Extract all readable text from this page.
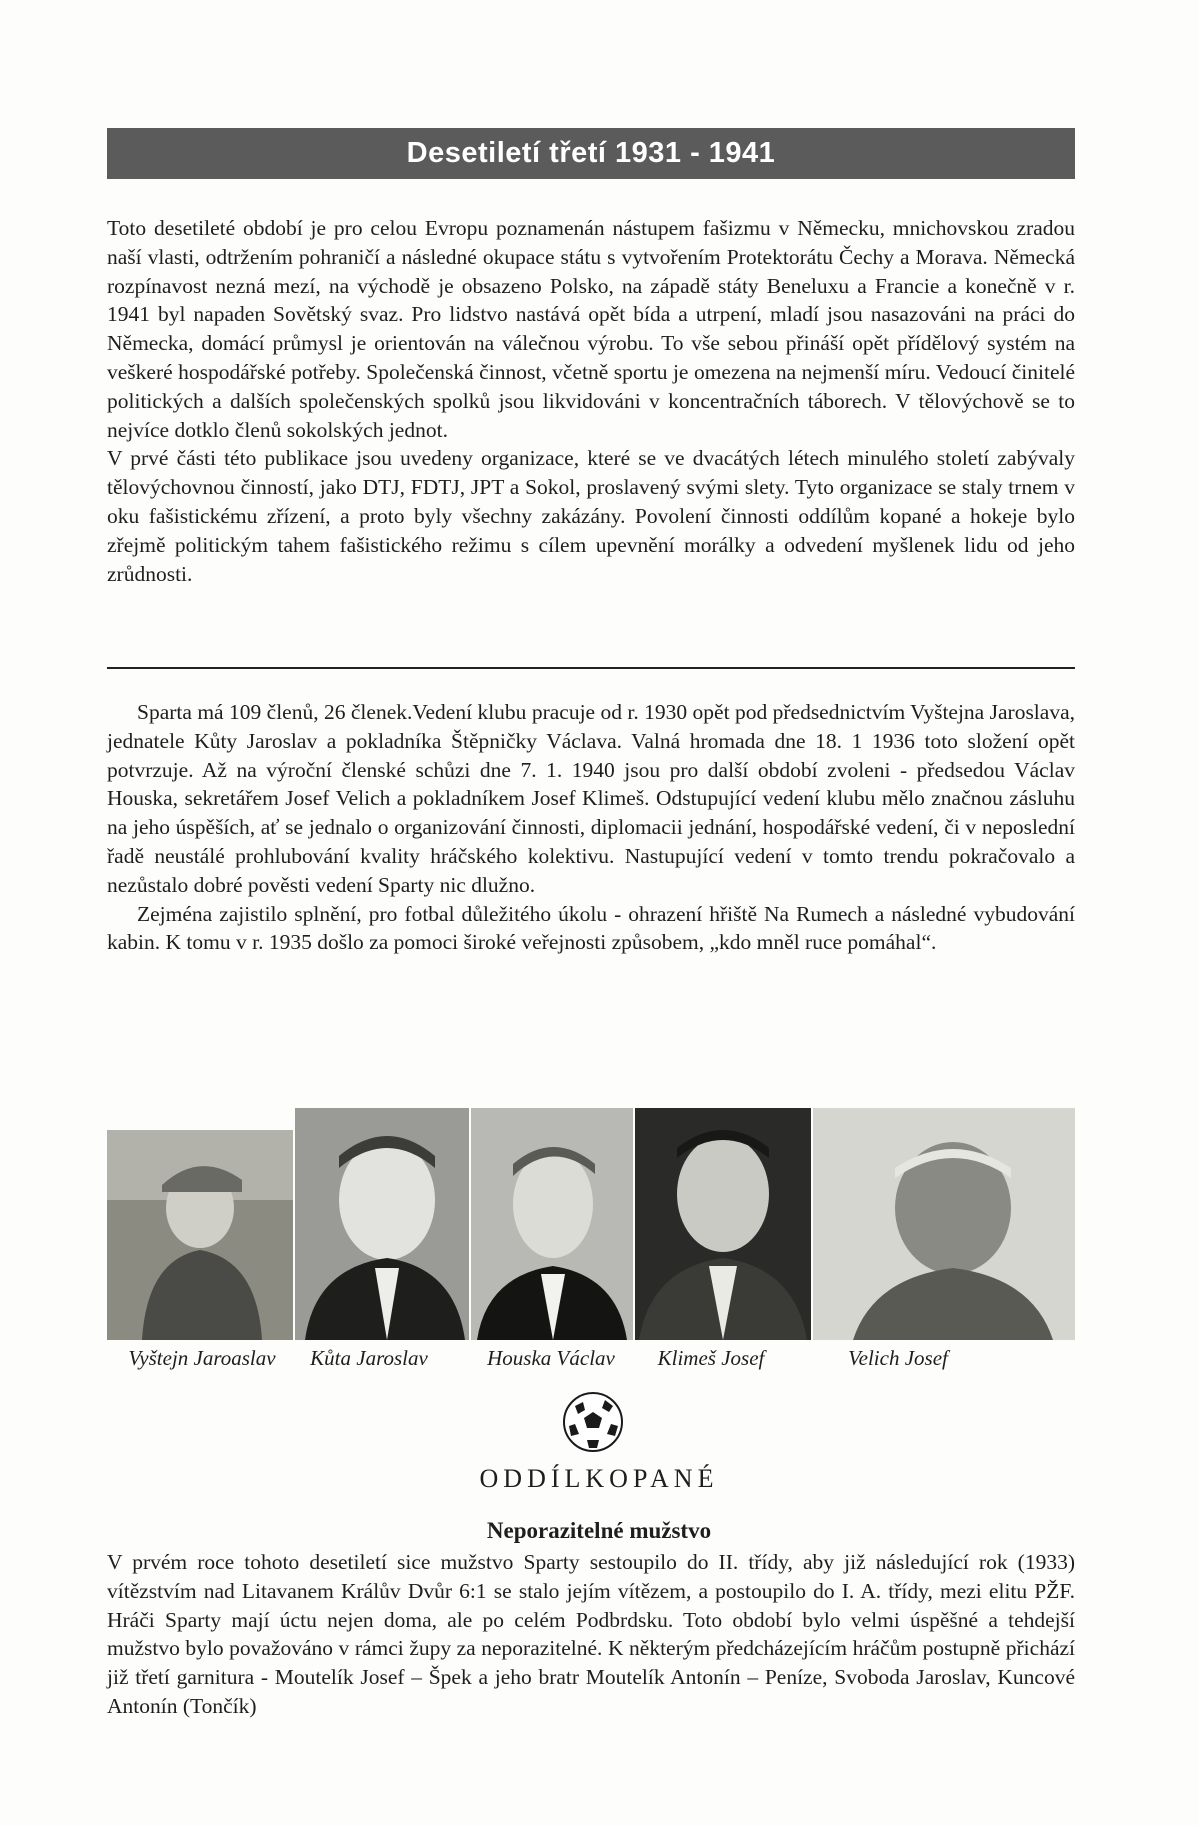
Desetiletí třetí 1931 - 1941

Toto desetileté období je pro celou Evropu poznamenán nástupem fašizmu v Německu, mnichovskou zradou naší vlasti, odtržením pohraničí a následné okupace státu s vytvořením Protektorátu Čechy a Morava. Německá rozpínavost nezná mezí, na východě je obsazeno Polsko, na západě státy Beneluxu a Francie a konečně v r. 1941 byl napaden Sovětský svaz. Pro lidstvo nastává opět bída a utrpení, mladí jsou nasazováni na práci do Německa, domácí průmysl je orientován na válečnou výrobu. To vše sebou přináší opět přídělový systém na veškeré hospodářské potřeby. Společenská činnost, včetně sportu je omezena na nejmenší míru. Vedoucí činitelé politických a dalších společenských spolků jsou likvidováni v koncentračních táborech. V tělovýchově se to nejvíce dotklo členů sokolských jednot.

V prvé části této publikace jsou uvedeny organizace, které se ve dvacátých létech minulého století zabývaly tělovýchovnou činností, jako DTJ, FDTJ, JPT a Sokol, proslavený svými slety. Tyto organizace se staly trnem v oku fašistickému zřízení, a proto byly všechny zakázány. Povolení činnosti oddílům kopané a hokeje bylo zřejmě politickým tahem fašistického režimu s cílem upevnění morálky a odvedení myšlenek lidu od jeho zrůdnosti.

Sparta má 109 členů, 26 členek.Vedení klubu pracuje od r. 1930 opět pod předsednictvím Vyštejna Jaroslava, jednatele Kůty Jaroslav a pokladníka Štěpničky Václava. Valná hromada dne 18. 1 1936 toto složení opět potvrzuje. Až na výroční členské schůzi dne 7. 1. 1940 jsou pro další období zvoleni - předsedou Václav Houska, sekretářem Josef Velich a pokladníkem Josef Klimeš. Odstupující vedení klubu mělo značnou zásluhu na jeho úspěších, ať se jednalo o organizování činnosti, diplomacii jednání, hospodářské vedení, či v neposlední řadě neustálé prohlubování kvality hráčského kolektivu. Nastupující vedení v tomto trendu pokračovalo a nezůstalo dobré pověsti vedení Sparty nic dlužno.

Zejména zajistilo splnění, pro fotbal důležitého úkolu - ohrazení hřiště Na Rumech a následné vybudování kabin. K tomu v r. 1935 došlo za pomoci široké veřejnosti způsobem, „kdo mněl ruce pomáhal“.

Vyštejn Jaroaslav Kůta Jaroslav	Houska Václav Klimeš Josef	Velich Josef
ODDÍLKOPANÉ
Neporazitelné mužstvo

V prvém roce tohoto desetiletí sice mužstvo Sparty sestoupilo do II. třídy, aby již následující rok (1933) vítězstvím nad Litavanem Králův Dvůr 6:1 se stalo jejím vítězem, a postoupilo do I. A. třídy, mezi elitu PŽF. Hráči Sparty mají úctu nejen doma, ale po celém Podbrdsku. Toto období bylo velmi úspěšné a tehdejší mužstvo bylo považováno v rámci župy za neporazitelné. K některým předcházejícím hráčům postupně přichází již třetí garnitura - Moutelík Josef – Špek a jeho bratr Moutelík Antonín – Peníze, Svoboda Jaroslav, Kuncové Antonín (Tončík)
